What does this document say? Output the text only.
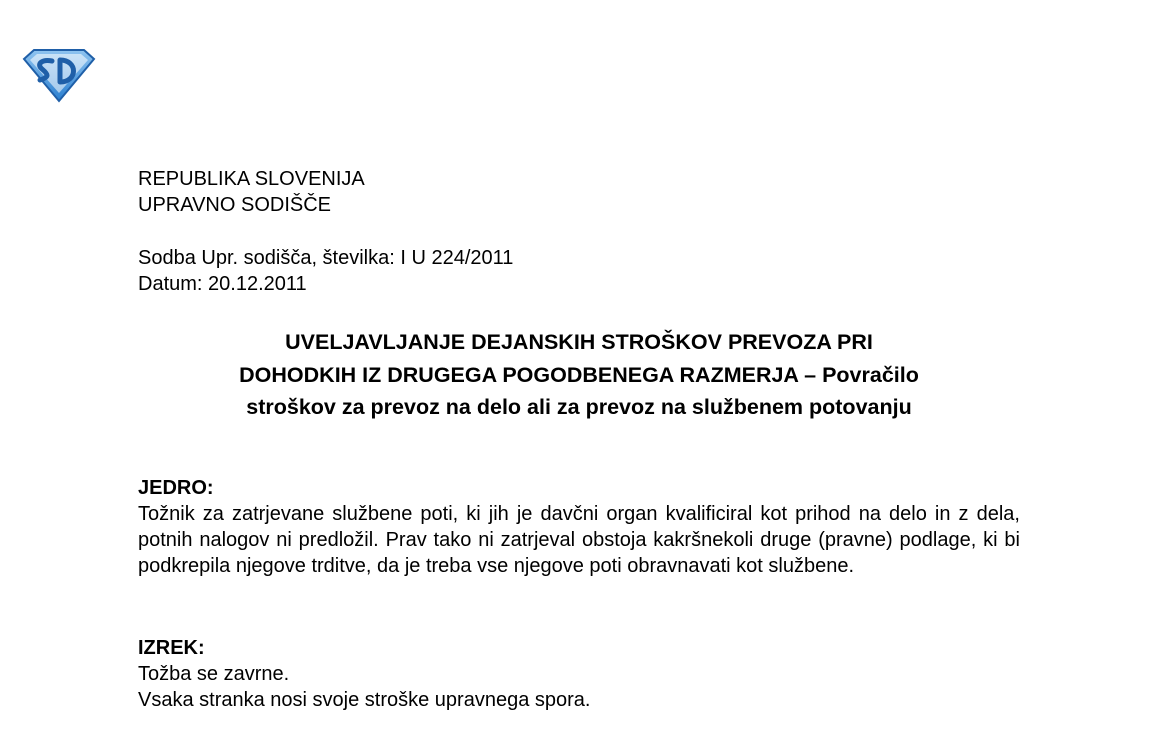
REPUBLIKA SLOVENIJA
UPRAVNO SODIŠČE
Sodba Upr. sodišča, številka: I U 224/2011
Datum: 20.12.2011
UVELJAVLJANJE DEJANSKIH STROŠKOV PREVOZA PRI
DOHODKIH IZ DRUGEGA POGODBENEGA RAZMERJA – Povračilo
stroškov za prevoz na delo ali za prevoz na službenem potovanju
JEDRO:

Tožnik za zatrjevane službene poti, ki jih je davčni organ kvalificiral kot prihod na delo in z dela, potnih nalogov ni predložil. Prav tako ni zatrjeval obstoja kakršnekoli druge (pravne) podlage, ki bi podkrepila njegove trditve, da je treba vse njegove poti obravnavati kot službene.

IZREK:
Tožba se zavrne.
Vsaka stranka nosi svoje stroške upravnega spora.
